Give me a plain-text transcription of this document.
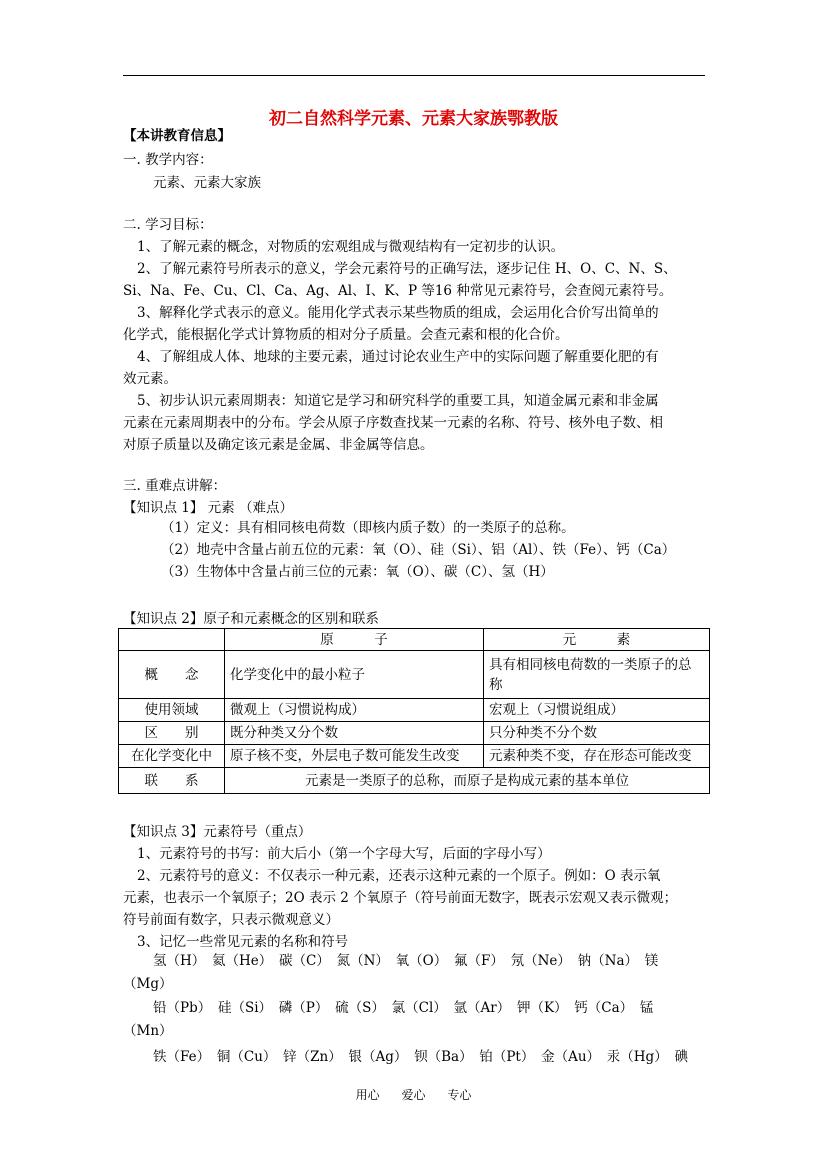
初二自然科学元素、元素大家族鄂教版
【本讲教育信息】
一. 教学内容：
元素、元素大家族
二. 学习目标：
1、了解元素的概念，对物质的宏观组成与微观结构有一定初步的认识。
2、了解元素符号所表示的意义，学会元素符号的正确写法，逐步记住 H、O、C、N、S、
Si、Na、Fe、Cu、Cl、Ca、Ag、Al、I、K、P 等16 种常见元素符号，会查阅元素符号。
3、解释化学式表示的意义。能用化学式表示某些物质的组成，会运用化合价写出简单的
化学式，能根据化学式计算物质的相对分子质量。会查元素和根的化合价。
4、了解组成人体、地球的主要元素，通过讨论农业生产中的实际问题了解重要化肥的有
效元素。
5、初步认识元素周期表：知道它是学习和研究科学的重要工具，知道金属元素和非金属
元素在元素周期表中的分布。学会从原子序数查找某一元素的名称、符号、核外电子数、相
对原子质量以及确定该元素是金属、非金属等信息。
三. 重难点讲解：
【知识点 1】 元素 （难点）
（1）定义：具有相同核电荷数（即核内质子数）的一类原子的总称。
（2）地壳中含量占前五位的元素：氧（O）、硅（Si）、铝（Al）、铁（Fe）、钙（Ca）
（3）生物体中含量占前三位的元素：氧（O）、碳（C）、氢（H）
【知识点 2】原子和元素概念的区别和联系
	原　　　子	元　　　素
概　　念	化学变化中的最小粒子	具有相同核电荷数的一类原子的总称
使用领域	微观上（习惯说构成）	宏观上（习惯说组成）
区　　别	既分种类又分个数	只分种类不分个数
在化学变化中	原子核不变，外层电子数可能发生改变	元素种类不变，存在形态可能改变
联　　系	元素是一类原子的总称，而原子是构成元素的基本单位	
【知识点 3】元素符号（重点）
1、元素符号的书写：前大后小（第一个字母大写，后面的字母小写）
2、元素符号的意义：不仅表示一种元素，还表示这种元素的一个原子。例如：O 表示氧
元素，也表示一个氧原子；2O 表示 2 个氧原子（符号前面无数字，既表示宏观又表示微观；
符号前面有数字，只表示微观意义）
3、记忆一些常见元素的名称和符号
氢（H）　氦（He）　碳（C）　氮（N）　氧（O）　氟（F）　氖（Ne）　钠（Na）　镁
（Mg）
铅（Pb）　硅（Si）　磷（P）　硫（S）　氯（Cl）　氩（Ar）　钾（K）　钙（Ca）　锰
（Mn）
铁（Fe）　铜（Cu）　锌（Zn）　银（Ag）　钡（Ba）　铂（Pt）　金（Au）　汞（Hg）　碘
用心 爱心 专心
